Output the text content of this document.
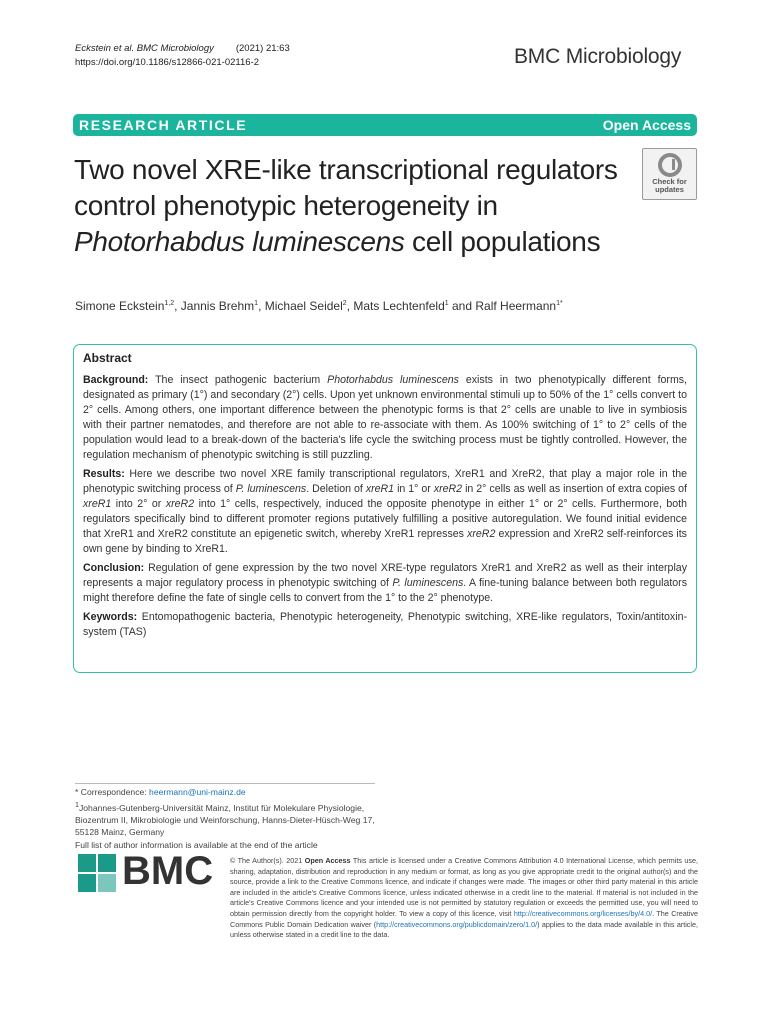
Eckstein et al. BMC Microbiology (2021) 21:63
https://doi.org/10.1186/s12866-021-02116-2	BMC Microbiology
RESEARCH ARTICLE	Open Access
Two novel XRE-like transcriptional regulators control phenotypic heterogeneity in Photorhabdus luminescens cell populations
Check for
updates
Simone Eckstein$^{1,2}$, Jannis Brehm$^1$, Michael Seidel$^2$, Mats Lechtenfeld$^1$ and Ralf Heermann$^{1*}$
Abstract

Background: The insect pathogenic bacterium Photorhabdus luminescens exists in two phenotypically different forms, designated as primary (1°) and secondary (2°) cells. Upon yet unknown environmental stimuli up to 50% of the 1° cells convert to 2° cells. Among others, one important difference between the phenotypic forms is that 2° cells are unable to live in symbiosis with their partner nematodes, and therefore are not able to re-associate with them. As 100% switching of 1° to 2° cells of the population would lead to a break-down of the bacteria's life cycle the switching process must be tightly controlled. However, the regulation mechanism of phenotypic switching is still puzzling.

Results: Here we describe two novel XRE family transcriptional regulators, XreR1 and XreR2, that play a major role in the phenotypic switching process of P. luminescens. Deletion of xreR1 in 1° or xreR2 in 2° cells as well as insertion of extra copies of xreR1 into 2° or xreR2 into 1° cells, respectively, induced the opposite phenotype in either 1° or 2° cells. Furthermore, both regulators specifically bind to different promoter regions putatively fulfilling a positive autoregulation. We found initial evidence that XreR1 and XreR2 constitute an epigenetic switch, whereby XreR1 represses xreR2 expression and XreR2 self-reinforces its own gene by binding to XreR1.

Conclusion: Regulation of gene expression by the two novel XRE-type regulators XreR1 and XreR2 as well as their interplay represents a major regulatory process in phenotypic switching of P. luminescens. A fine-tuning balance between both regulators might therefore define the fate of single cells to convert from the 1° to the 2° phenotype.

Keywords: Entomopathogenic bacteria, Phenotypic heterogeneity, Phenotypic switching, XRE-like regulators, Toxin/antitoxin-system (TAS)

* Correspondence: heermann@uni-mainz.de
$^1$Johannes-Gutenberg-Universität Mainz, Institut für Molekulare Physiologie, Biozentrum II, Mikrobiologie und Weinforschung, Hanns-Dieter-Hüsch-Weg 17, 55128 Mainz, Germany
Full list of author information is available at the end of the article
BMC © The Author(s). 2021 Open Access This article is licensed under a Creative Commons Attribution 4.0 International License, which permits use, sharing, adaptation, distribution and reproduction in any medium or format, as long as you give appropriate credit to the original author(s) and the source, provide a link to the Creative Commons licence, and indicate if changes were made. The images or other third party material in this article are included in the article's Creative Commons licence, unless indicated otherwise in a credit line to the material. If material is not included in the article's Creative Commons licence and your intended use is not permitted by statutory regulation or exceeds the permitted use, you will need to obtain permission directly from the copyright holder. To view a copy of this licence, visit http://creativecommons.org/licenses/by/4.0/. The Creative Commons Public Domain Dedication waiver (http://creativecommons.org/publicdomain/zero/1.0/) applies to the data made available in this article, unless otherwise stated in a credit line to the data.
